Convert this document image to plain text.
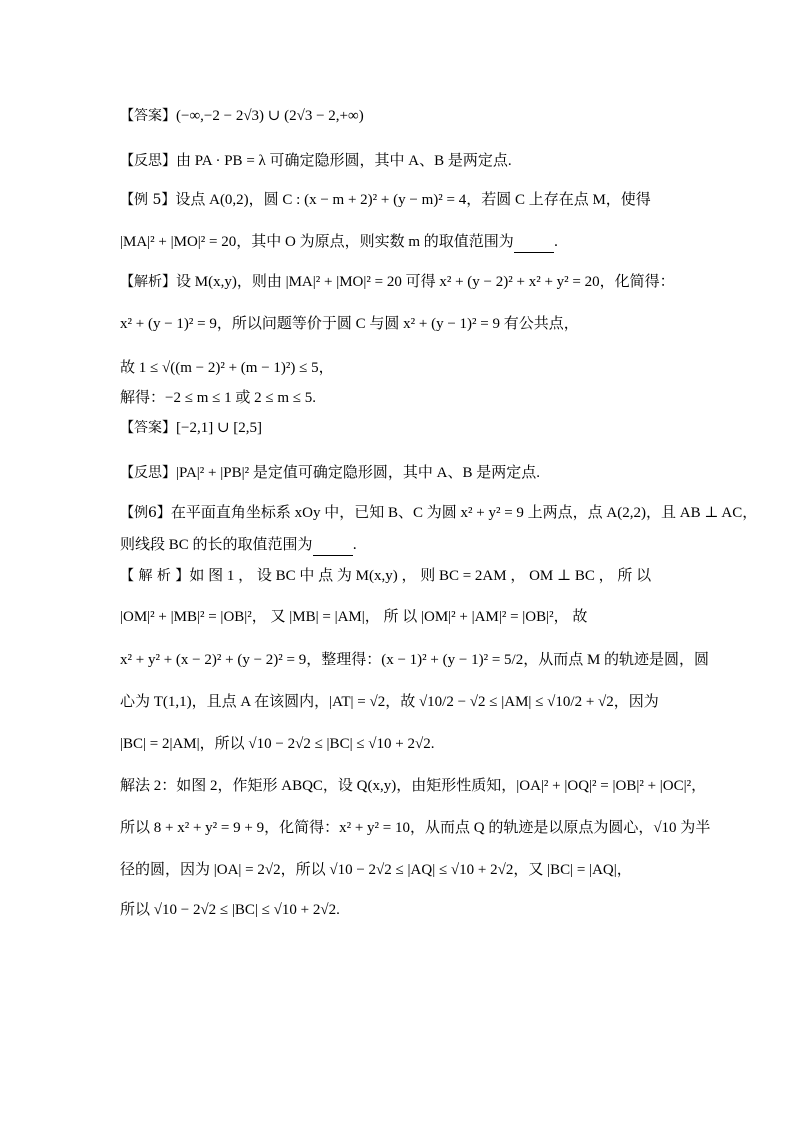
【答案】(−∞,−2 − 2√3) ∪ (2√3 − 2,+∞)
【反思】由 PA · PB = λ 可确定隐形圆，其中 A、B 是两定点.
【例 5】设点 A(0,2)，圆 C : (x − m + 2)² + (y − m)² = 4，若圆 C 上存在点 M，使得
|MA|² + |MO|² = 20，其中 O 为原点，则实数 m 的取值范围为	.
【解析】设 M(x,y)，则由 |MA|² + |MO|² = 20 可得 x² + (y − 2)² + x² + y² = 20，化简得：
x² + (y − 1)² = 9，所以问题等价于圆 C 与圆 x² + (y − 1)² = 9 有公共点，
故 1 ≤ √((m − 2)² + (m − 1)²) ≤ 5，
解得：−2 ≤ m ≤ 1 或 2 ≤ m ≤ 5.
【答案】[−2,1] ∪ [2,5]
【反思】|PA|² + |PB|² 是定值可确定隐形圆，其中 A、B 是两定点.
【例6】在平面直角坐标系 xOy 中，已知 B、C 为圆 x² + y² = 9 上两点，点 A(2,2)，且 AB ⊥ AC，
则线段 BC 的长的取值范围为	.
【 解 析 】如 图 1 ， 设 BC 中 点 为 M(x,y) ， 则 BC = 2AM ， OM ⊥ BC ， 所 以
|OM|² + |MB|² = |OB|²， 又 |MB| = |AM|， 所 以 |OM|² + |AM|² = |OB|²， 故
x² + y² + (x − 2)² + (y − 2)² = 9，整理得：(x − 1)² + (y − 1)² = 5/2，从而点 M 的轨迹是圆，圆
心为 T(1,1)，且点 A 在该圆内，|AT| = √2，故 √10/2 − √2 ≤ |AM| ≤ √10/2 + √2，因为
|BC| = 2|AM|，所以 √10 − 2√2 ≤ |BC| ≤ √10 + 2√2.
解法 2：如图 2，作矩形 ABQC，设 Q(x,y)，由矩形性质知，|OA|² + |OQ|² = |OB|² + |OC|²，
所以 8 + x² + y² = 9 + 9，化简得：x² + y² = 10，从而点 Q 的轨迹是以原点为圆心，√10 为半
径的圆，因为 |OA| = 2√2，所以 √10 − 2√2 ≤ |AQ| ≤ √10 + 2√2，又 |BC| = |AQ|，
所以 √10 − 2√2 ≤ |BC| ≤ √10 + 2√2.
